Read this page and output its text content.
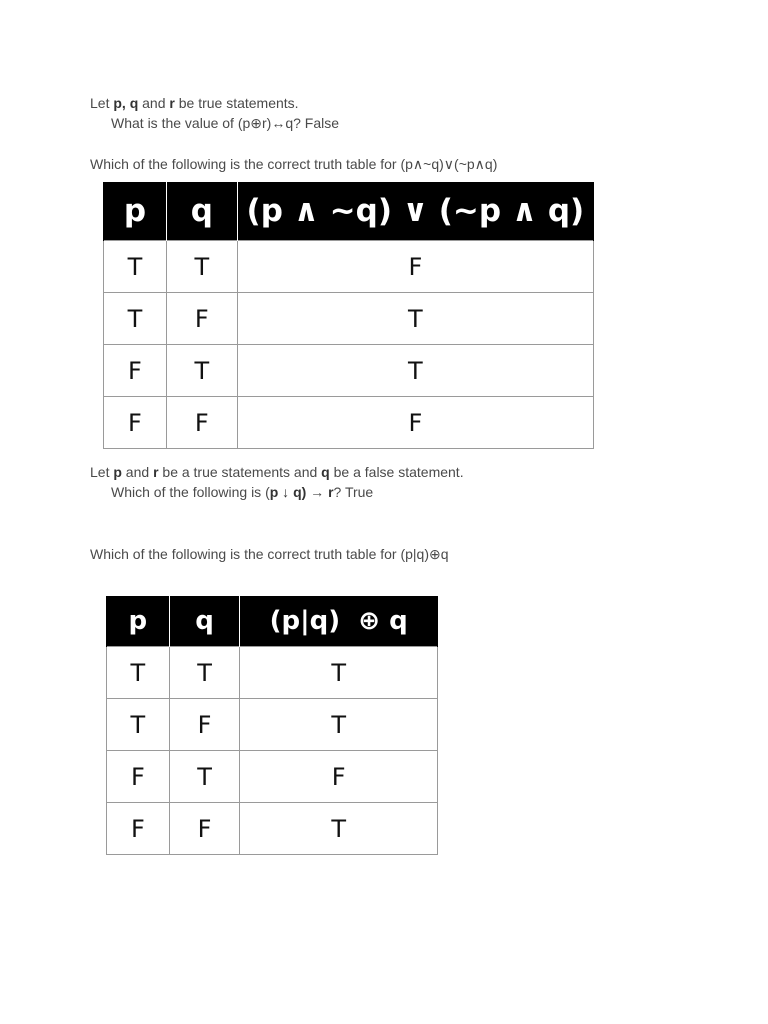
Let p, q and r be true statements.
What is the value of (p⊕r)↔q? False
Which of the following is the correct truth table for (p∧~q)∨(~p∧q)
p	q	(p ∧ ~q) ∨ (~p ∧ q)
T	T	F
T	F	T
F	T	T
F	F	F
Let p and r be a true statements and q be a false statement.
Which of the following is (p ↓ q) → r? True
Which of the following is the correct truth table for (p|q)⊕q
p	q	(p|q)  ⊕ q
T	T	T
T	F	T
F	T	F
F	F	T
